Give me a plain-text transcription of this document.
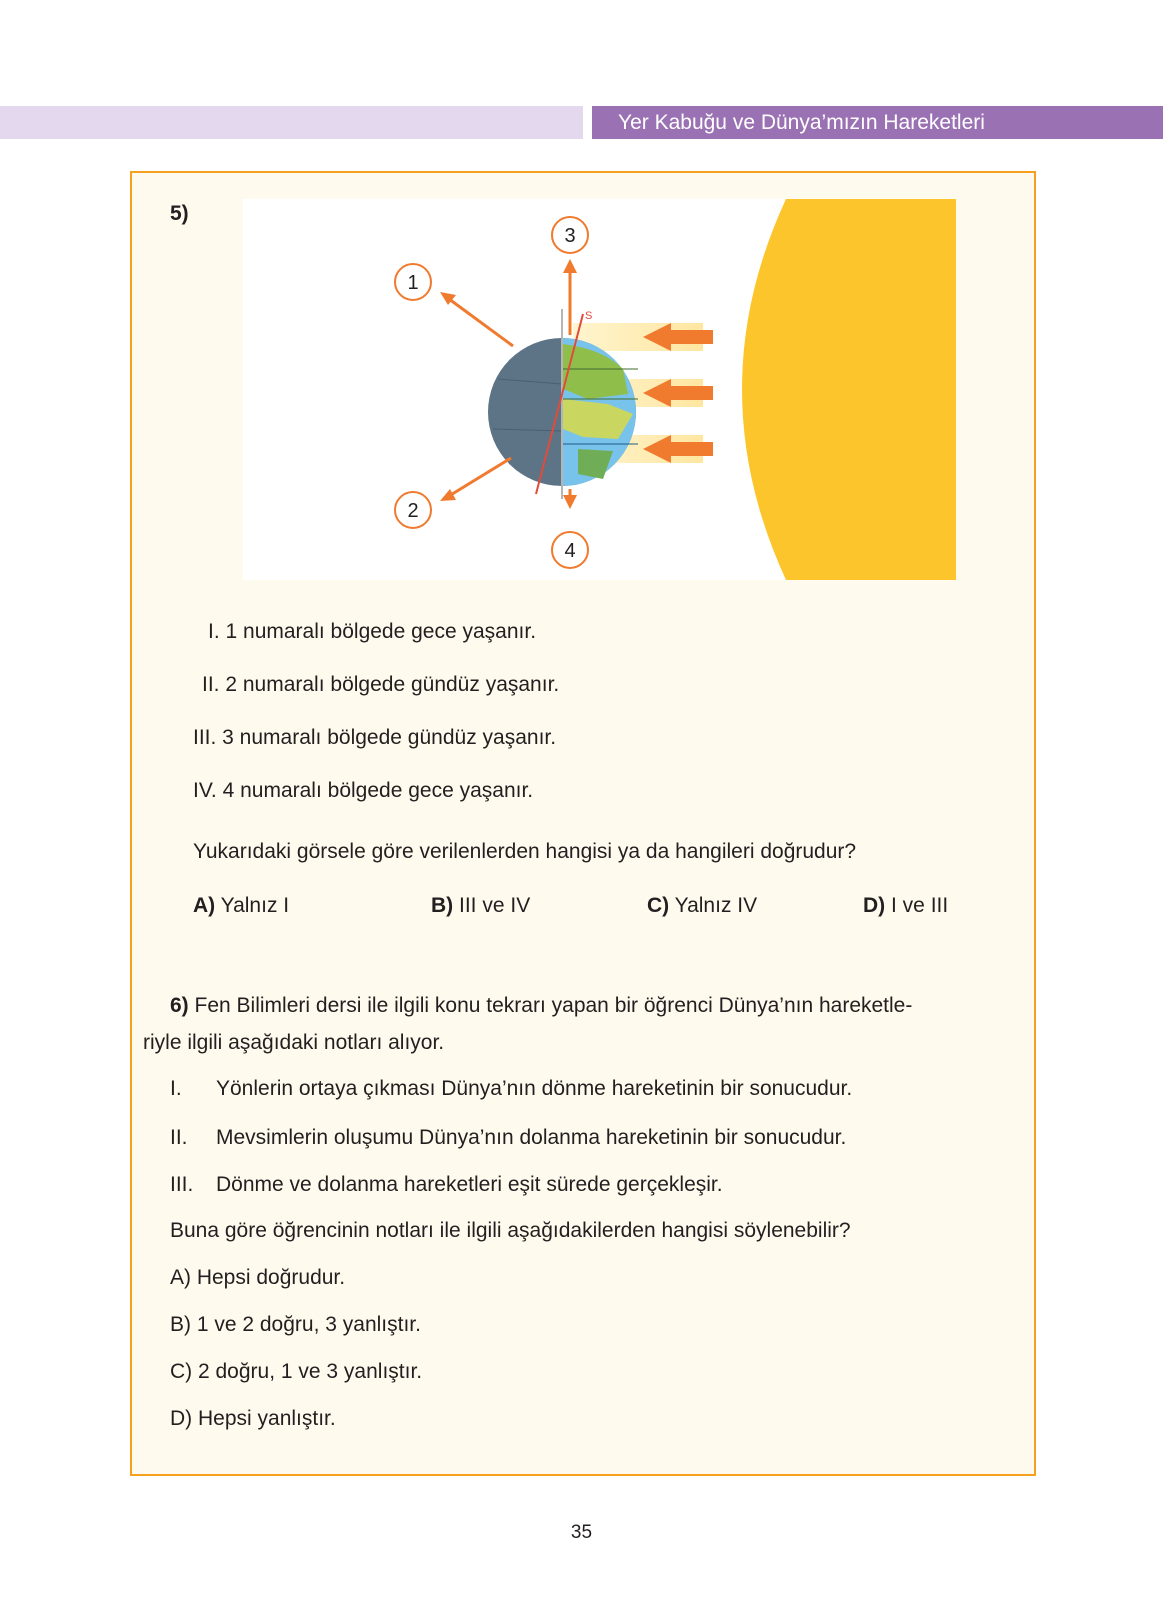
Yer Kabuğu ve Dünya’mızın Hareketleri
5)
S
1
2
3
4
I. 1 numaralı bölgede gece yaşanır.
II. 2 numaralı bölgede gündüz yaşanır.
III. 3 numaralı bölgede gündüz yaşanır.
IV. 4 numaralı bölgede gece yaşanır.
Yukarıdaki görsele göre verilenlerden hangisi ya da hangileri doğrudur?
A) Yalnız I	B) III ve IV	C) Yalnız IV	D) I ve III
6) Fen Bilimleri dersi ile ilgili konu tekrarı yapan bir öğrenci Dünya’nın hareketle-
riyle ilgili aşağıdaki notları alıyor.
I. Yönlerin ortaya çıkması Dünya’nın dönme hareketinin bir sonucudur.
II. Mevsimlerin oluşumu Dünya’nın dolanma hareketinin bir sonucudur.
III. Dönme ve dolanma hareketleri eşit sürede gerçekleşir.
Buna göre öğrencinin notları ile ilgili aşağıdakilerden hangisi söylenebilir?
A) Hepsi doğrudur.
B) 1 ve 2 doğru, 3 yanlıştır.
C) 2 doğru, 1 ve 3 yanlıştır.
D) Hepsi yanlıştır.
35
